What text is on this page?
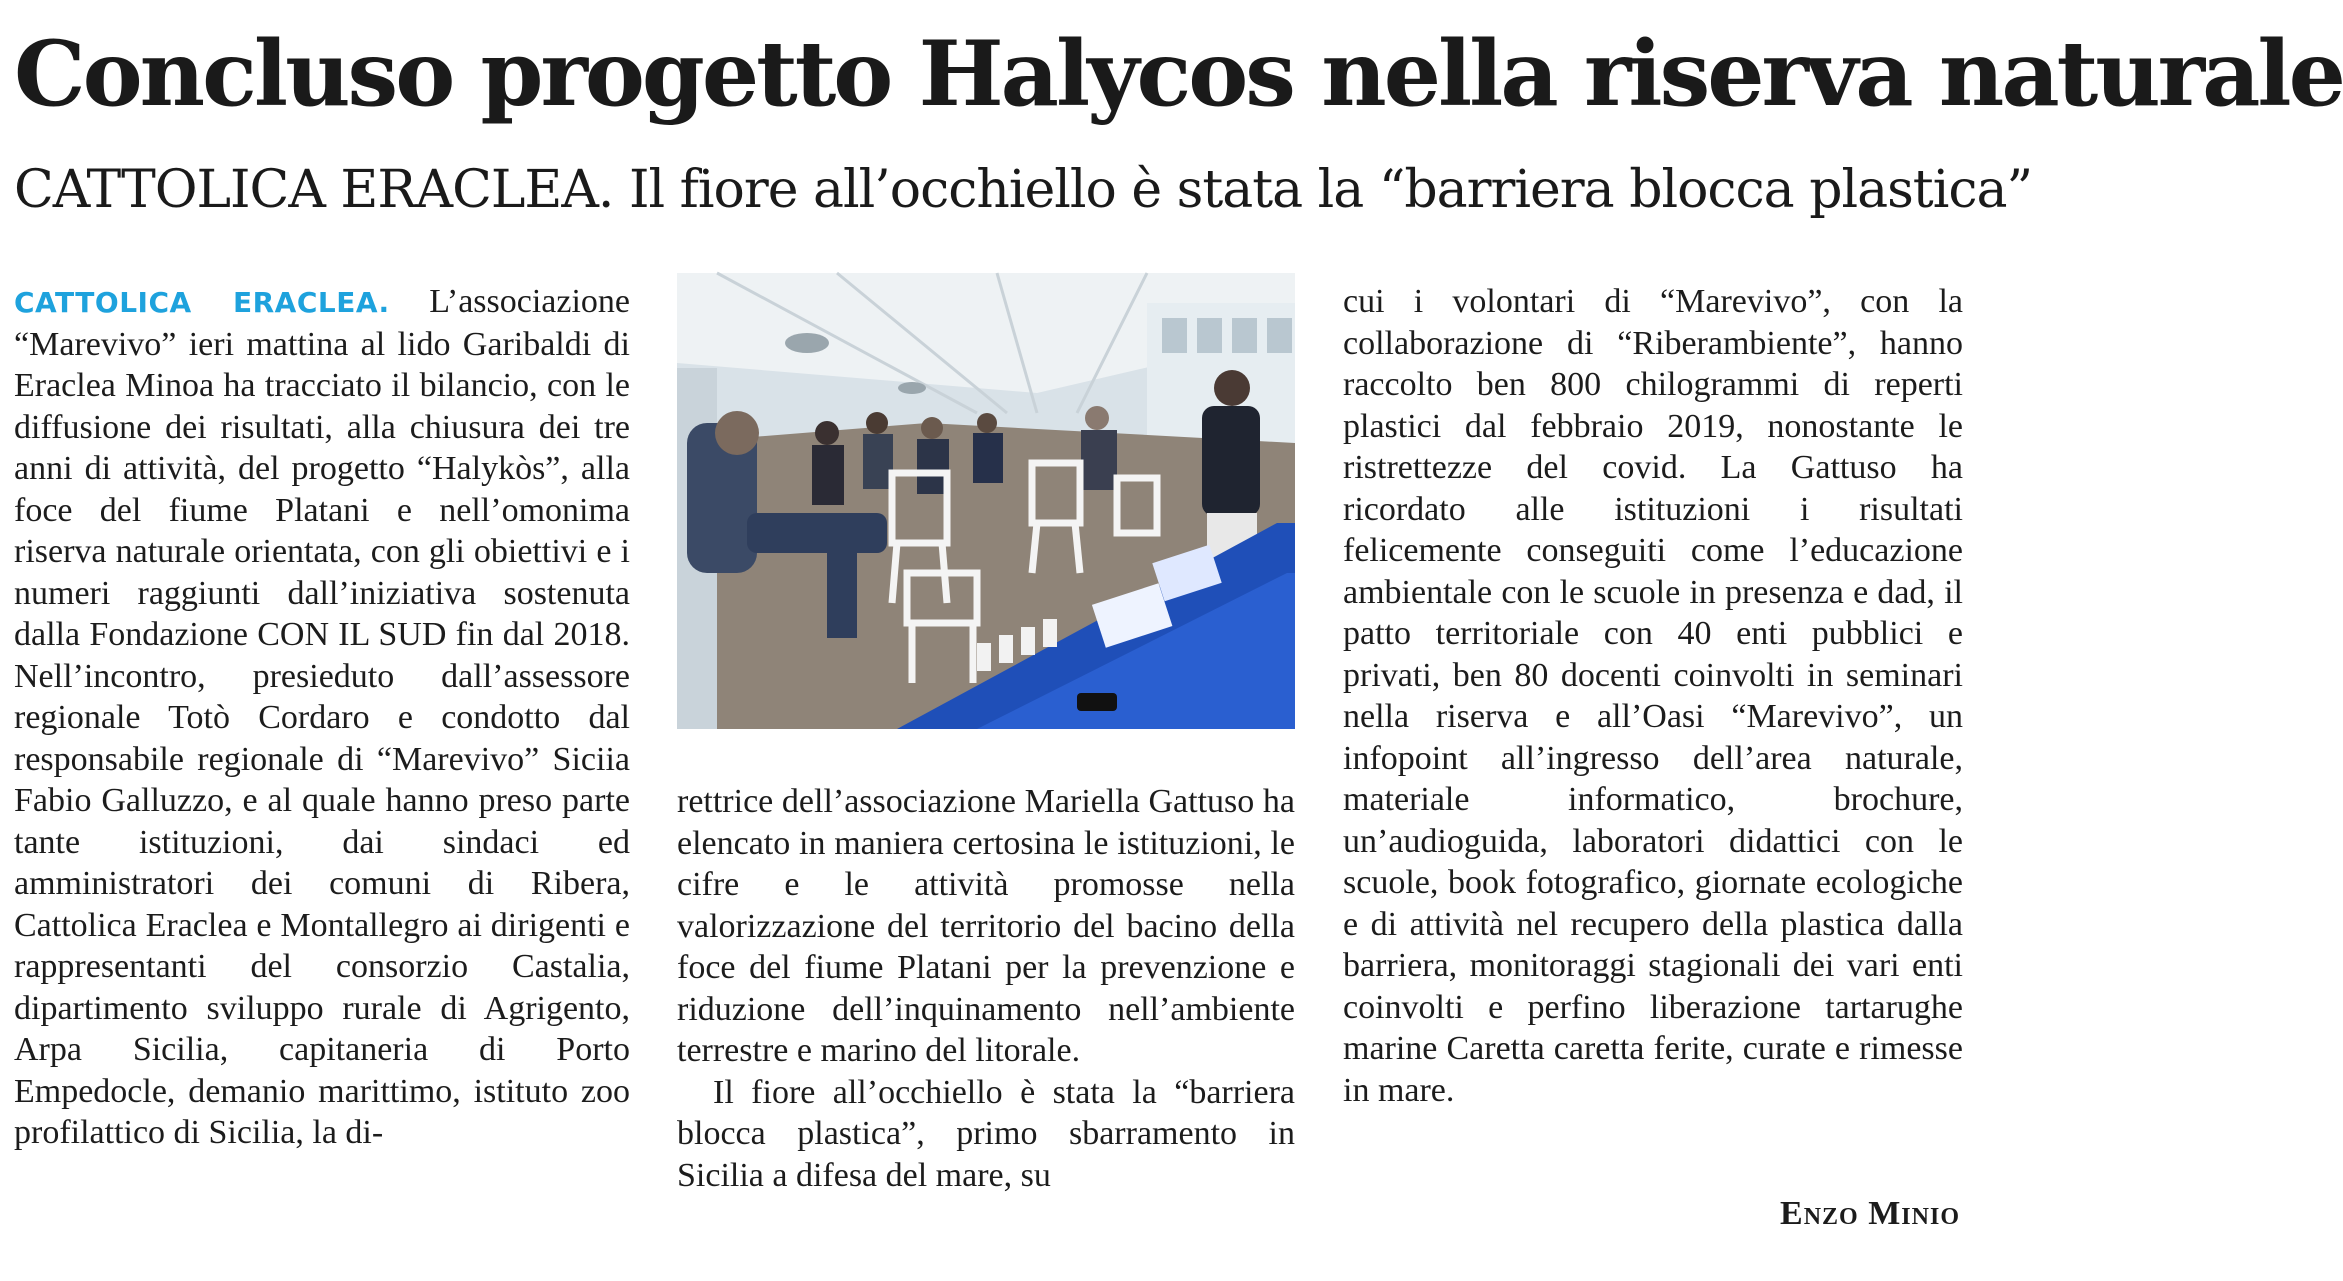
Concluso progetto Halycos nella riserva naturale
CATTOLICA ERACLEA. Il fiore all’occhiello è stata la “barriera blocca plastica”

CATTOLICA ERACLEA. L’associazione “Marevivo” ieri mattina al lido Garibaldi di Eraclea Minoa ha tracciato il bilancio, con le diffusione dei risultati, alla chiusura dei tre anni di attività, del progetto “Halykòs”, alla foce del fiume Platani e nell’omonima riserva naturale orientata, con gli obiettivi e i numeri raggiunti dall’iniziativa sostenuta dalla Fondazione CON IL SUD fin dal 2018. Nell’incontro, presieduto dall’assessore regionale Totò Cordaro e condotto dal responsabile regionale di “Marevivo” Siciia Fabio Galluzzo, e al quale hanno preso parte tante istituzioni, dai sindaci ed amministratori dei comuni di Ribera, Cattolica Eraclea e Montallegro ai dirigenti e rappresentanti del consorzio Castalia, dipartimento sviluppo rurale di Agrigento, Arpa Sicilia, capitaneria di Porto Empedocle, demanio marittimo, istituto zoo profilattico di Sicilia, la di-

rettrice dell’associazione Mariella Gattuso ha elencato in maniera certosina le istituzioni, le cifre e le attività promosse nella valorizzazione del territorio del bacino della foce del fiume Platani per la prevenzione e riduzione dell’inquinamento nell’ambiente terrestre e marino del litorale.

Il fiore all’occhiello è stata la “barriera blocca plastica”, primo sbarramento in Sicilia a difesa del mare, su

cui i volontari di “Marevivo”, con la collaborazione di “Riberambiente”, hanno raccolto ben 800 chilogrammi di reperti plastici dal febbraio 2019, nonostante le ristrettezze del covid. La Gattuso ha ricordato alle istituzioni i risultati felicemente conseguiti come l’educazione ambientale con le scuole in presenza e dad, il patto territoriale con 40 enti pubblici e privati, ben 80 docenti coinvolti in seminari nella riserva e all’Oasi “Marevivo”, un infopoint all’ingresso dell’area naturale, materiale informatico, brochure, un’audioguida, laboratori didattici con le scuole, book fotografico, giornate ecologiche e di attività nel recupero della plastica dalla barriera, monitoraggi stagionali dei vari enti coinvolti e perfino liberazione tartarughe marine Caretta caretta ferite, curate e rimesse in mare.

Enzo Minio
